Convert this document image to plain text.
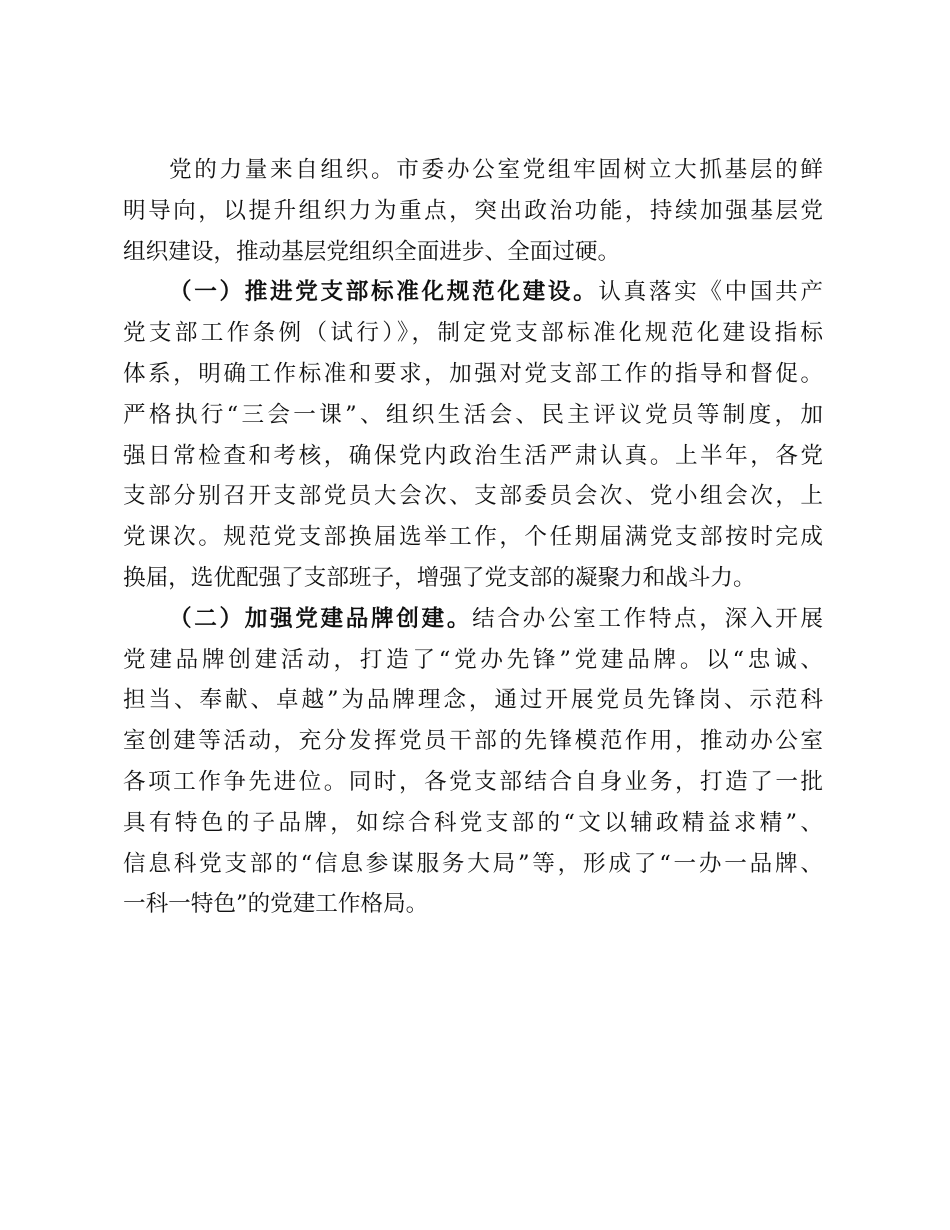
党的力量来自组织。市委办公室党组牢固树立大抓基层的鲜
明导向，以提升组织力为重点，突出政治功能，持续加强基层党
组织建设，推动基层党组织全面进步、全面过硬。
（一）推进党支部标准化规范化建设。认真落实《中国共产
党支部工作条例（试行）》，制定党支部标准化规范化建设指标
体系，明确工作标准和要求，加强对党支部工作的指导和督促。
严格执行“三会一课”、组织生活会、民主评议党员等制度，加
强日常检查和考核，确保党内政治生活严肃认真。上半年，各党
支部分别召开支部党员大会次、支部委员会次、党小组会次，上
党课次。规范党支部换届选举工作，个任期届满党支部按时完成
换届，选优配强了支部班子，增强了党支部的凝聚力和战斗力。
（二）加强党建品牌创建。结合办公室工作特点，深入开展
党建品牌创建活动，打造了“党办先锋”党建品牌。以“忠诚、
担当、奉献、卓越”为品牌理念，通过开展党员先锋岗、示范科
室创建等活动，充分发挥党员干部的先锋模范作用，推动办公室
各项工作争先进位。同时，各党支部结合自身业务，打造了一批
具有特色的子品牌，如综合科党支部的“文以辅政精益求精”、
信息科党支部的“信息参谋服务大局”等，形成了“一办一品牌、
一科一特色”的党建工作格局。
